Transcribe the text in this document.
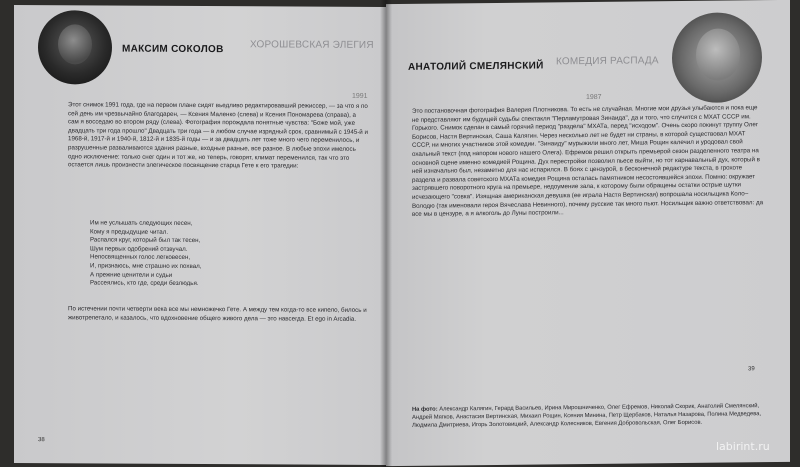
МАКСИМ СОКОЛОВ	ХОРОШЕВСКАЯ ЭЛЕГИЯ
1991

Этот снимок 1991 года, где на первом плане сидят вьедливо редактировавший режиссер, — за что я по сей день им чрезвычайно благодарен, — Ксения Маленко (слева) и Ксения Пономарева (справа), а сам я восседаю во втором ряду (слева). Фотография порождала понятные чувства: "Боже мой, уже двадцать три года прошло" Двадцать три года — в любом случае изрядный срок, сравнимый с 1945-й и 1968-й, 1917-й и 1940-й, 1812-й и 1835-й годы — и за двадцать лет тоже много чего переменилось, и разрушенные разваливаются здания разные, входные разные, все разное. В любые эпохи имелось одно исключение: только снег один и тот же, но теперь, говорят, климат переменился, так что это остается лишь произнести элегическое посвящение старца Гете к его трагедии:

Им не услышать следующих песен,
Кому я предыдущие читал.
Распался круг, который был так тесен,
Шум первых одобрений отзвучал.
Непосвященных голос легковесен,
И, признаюсь, мне страшно их похвал,
А прежние ценители и судьи
Рассеялись, кто где, среди безлюдья.
По истечении почти четверти века все мы немножечко Гете. А между тем когда-то все кипело, билось и животрепетало, и казалось, что вдохновение общего живого дела — это навсегда. Et ego in Arcadia.
38
АНАТОЛИЙ СМЕЛЯНСКИЙ КОМЕДИЯ РАСПАДА
1987

Это постановочная фотография Валерия Плотникова. То есть не случайная. Многие мои друзья улыбаются и пока еще не представляют им будущей судьбы спектакля "Перламутровая Зинаида", да и того, что случится с МХАТ СССР им. Горького. Снимок сделан в самый горячий период "раздела" МХАТа, перед "исходом". Очень скоро покинут труппу Олег Борисов, Настя Вертинская, Саша Калягин. Через несколько лет не будет ни страны, в которой существовал МХАТ СССР, ни многих участников этой комедии. "Зинаиду" мурыжили много лет, Миша Рощин калечил и уродовал свой охальный текст (под напором нового нашего Олега). Ефремов решил открыть премьерой сезон разделенного театра на основной сцене именно комедией Рощина. Дух перестройки позволил пьесе выйти, но тот карнавальный дух, который в ней изначально был, незаметно для нас испарился. В боях с цензурой, в бесконечной редактуре текста, в грохоте раздела и развала советского МХАТа комедия Рощина осталась памятником несостоявшейся эпохи. Помню: окружает застрявшего поворотного круга на премьере, недоумение зала, к которому были обращены остатки острые шутки исчезающего "совка". Изящная американская девушка (ее играла Настя Вертинская) вопрошала носильщика Коло–Володю (так именовали героя Вячеслава Невинного), почему русские так много пьют. Носильщик важно ответствовал: да все мы в цензуре, а я алкоголь до Луны построили...

На фото: Александр Калягин, Герард Васильев, Ирина Мирошниченко, Олег Ефремов, Николай Скорик, Анатолий Смелянский, Андрей Мягков, Анастасия Вертинская, Михаил Рощин, Ксения Минина, Петр Щербаков, Наталья Назарова, Полина Медведева, Людмила Дмитриева, Игорь Золотовицкий, Александр Колесников, Евгения Добровольская, Олег Борисов.
39
labirint.ru
